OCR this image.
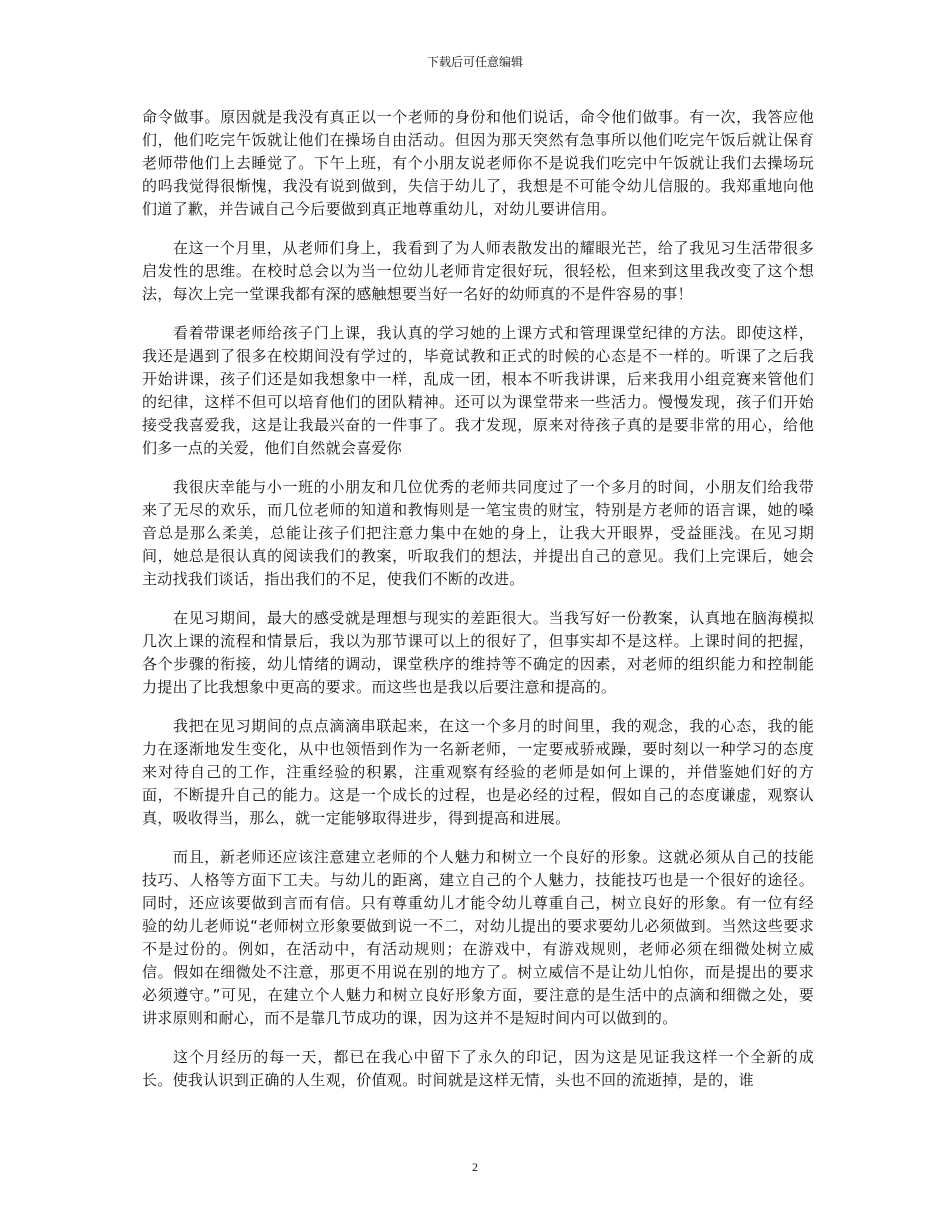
下载后可任意编辑

命令做事。原因就是我没有真正以一个老师的身份和他们说话，命令他们做事。有一次，我答应他们，他们吃完午饭就让他们在操场自由活动。但因为那天突然有急事所以他们吃完午饭后就让保育老师带他们上去睡觉了。下午上班，有个小朋友说老师你不是说我们吃完中午饭就让我们去操场玩的吗我觉得很惭愧，我没有说到做到，失信于幼儿了，我想是不可能令幼儿信服的。我郑重地向他们道了歉，并告诫自己今后要做到真正地尊重幼儿，对幼儿要讲信用。

在这一个月里，从老师们身上，我看到了为人师表散发出的耀眼光芒，给了我见习生活带很多启发性的思维。在校时总会以为当一位幼儿老师肯定很好玩，很轻松，但来到这里我改变了这个想法，每次上完一堂课我都有深的感触想要当好一名好的幼师真的不是件容易的事！

看着带课老师给孩子门上课，我认真的学习她的上课方式和管理课堂纪律的方法。即使这样，我还是遇到了很多在校期间没有学过的，毕竟试教和正式的时候的心态是不一样的。听课了之后我开始讲课，孩子们还是如我想象中一样，乱成一团，根本不听我讲课，后来我用小组竞赛来管他们的纪律，这样不但可以培育他们的团队精神。还可以为课堂带来一些活力。慢慢发现，孩子们开始接受我喜爱我，这是让我最兴奋的一件事了。我才发现，原来对待孩子真的是要非常的用心，给他们多一点的关爱，他们自然就会喜爱你

我很庆幸能与小一班的小朋友和几位优秀的老师共同度过了一个多月的时间，小朋友们给我带来了无尽的欢乐，而几位老师的知道和教悔则是一笔宝贵的财宝，特别是方老师的语言课，她的嗓音总是那么柔美，总能让孩子们把注意力集中在她的身上，让我大开眼界，受益匪浅。在见习期间，她总是很认真的阅读我们的教案，听取我们的想法，并提出自己的意见。我们上完课后，她会主动找我们谈话，指出我们的不足，使我们不断的改进。

在见习期间，最大的感受就是理想与现实的差距很大。当我写好一份教案，认真地在脑海模拟几次上课的流程和情景后，我以为那节课可以上的很好了，但事实却不是这样。上课时间的把握，各个步骤的衔接，幼儿情绪的调动，课堂秩序的维持等不确定的因素，对老师的组织能力和控制能力提出了比我想象中更高的要求。而这些也是我以后要注意和提高的。

我把在见习期间的点点滴滴串联起来，在这一个多月的时间里，我的观念，我的心态，我的能力在逐渐地发生变化，从中也领悟到作为一名新老师，一定要戒骄戒躁，要时刻以一种学习的态度来对待自己的工作，注重经验的积累，注重观察有经验的老师是如何上课的，并借鉴她们好的方面，不断提升自己的能力。这是一个成长的过程，也是必经的过程，假如自己的态度谦虚，观察认真，吸收得当，那么，就一定能够取得进步，得到提高和进展。

而且，新老师还应该注意建立老师的个人魅力和树立一个良好的形象。这就必须从自己的技能技巧、人格等方面下工夫。与幼儿的距离，建立自己的个人魅力，技能技巧也是一个很好的途径。同时，还应该要做到言而有信。只有尊重幼儿才能令幼儿尊重自己，树立良好的形象。有一位有经验的幼儿老师说“老师树立形象要做到说一不二，对幼儿提出的要求要幼儿必须做到。当然这些要求不是过份的。例如，在活动中，有活动规则；在游戏中，有游戏规则，老师必须在细微处树立威信。假如在细微处不注意，那更不用说在别的地方了。树立威信不是让幼儿怕你，而是提出的要求必须遵守。”可见，在建立个人魅力和树立良好形象方面，要注意的是生活中的点滴和细微之处，要讲求原则和耐心，而不是靠几节成功的课，因为这并不是短时间内可以做到的。

这个月经历的每一天，都已在我心中留下了永久的印记，因为这是见证我这样一个全新的成长。使我认识到正确的人生观，价值观。时间就是这样无情，头也不回的流逝掉，是的，谁

2
